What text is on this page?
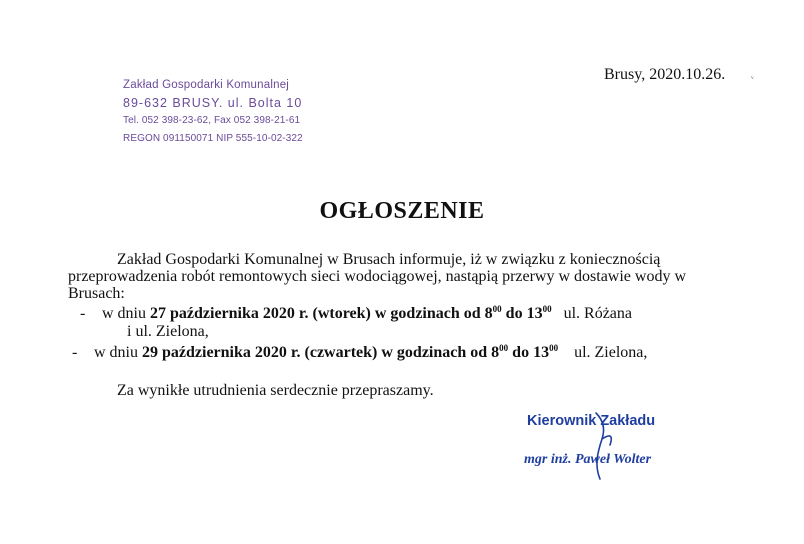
Zakład Gospodarki Komunalnej
89-632 BRUSY. ul. Bolta 10
Tel. 052 398-23-62, Fax 052 398-21-61
REGON 091150071 NIP 555-10-02-322
Brusy, 2020.10.26.	ᵥ
OGŁOSZENIE

Zakład Gospodarki Komunalnej w Brusach informuje, iż w związku z koniecznością przeprowadzenia robót remontowych sieci wodociągowej, nastąpią przerwy w dostawie wody w Brusach:

- w dniu 27 października 2020 r. (wtorek) w godzinach od $8^{00}$ do $13^{00}$ ul. Różana
i ul. Zielona,
- w dniu 29 października 2020 r. (czwartek) w godzinach od $8^{00}$ do $13^{00}$ ul. Zielona,
Za wynikłe utrudnienia serdecznie przepraszamy.
Kierownik Zakładu
mgr inż. Paweł Wolter
